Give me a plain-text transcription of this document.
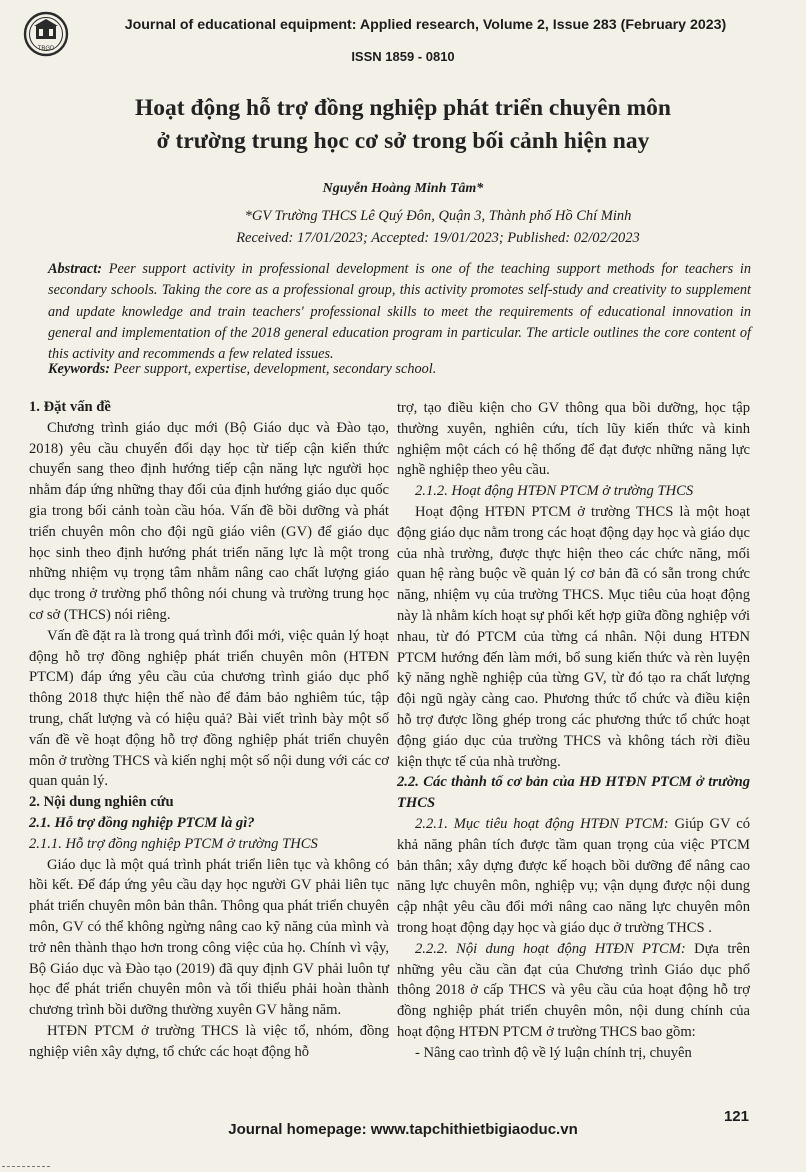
TBGD
Journal of educational equipment: Applied research, Volume 2, Issue 283 (February 2023)
ISSN 1859 - 0810
Hoạt động hỗ trợ đồng nghiệp phát triển chuyên môn
ở trường trung học cơ sở trong bối cảnh hiện nay
Nguyễn Hoàng Minh Tâm*
*GV Trường THCS Lê Quý Đôn, Quận 3, Thành phố Hồ Chí Minh
Received: 17/01/2023; Accepted: 19/01/2023; Published: 02/02/2023

Abstract: Peer support activity in professional development is one of the teaching support methods for teachers in secondary schools. Taking the core as a professional group, this activity promotes self-study and creativity to supplement and update knowledge and train teachers' professional skills to meet the requirements of educational innovation in general and implementation of the 2018 general education program in particular. The article outlines the core content of this activity and recommends a few related issues.

Keywords: Peer support, expertise, development, secondary school.

1. Đặt vấn đề

Chương trình giáo dục mới (Bộ Giáo dục và Đào tạo, 2018) yêu cầu chuyển đổi dạy học từ tiếp cận kiến thức chuyển sang theo định hướng tiếp cận năng lực người học nhằm đáp ứng những thay đổi của định hướng giáo dục quốc gia trong bối cảnh toàn cầu hóa. Vấn đề bồi dưỡng và phát triển chuyên môn cho đội ngũ giáo viên (GV) để giáo dục học sinh theo định hướng phát triển năng lực là một trong những nhiệm vụ trọng tâm nhằm nâng cao chất lượng giáo dục trong ở trường phổ thông nói chung và trường trung học cơ sở (THCS) nói riêng.

Vấn đề đặt ra là trong quá trình đổi mới, việc quản lý hoạt động hỗ trợ đồng nghiệp phát triển chuyên môn (HTĐN PTCM) đáp ứng yêu cầu của chương trình giáo dục phổ thông 2018 thực hiện thế nào để đảm bảo nghiêm túc, tập trung, chất lượng và có hiệu quả? Bài viết trình bày một số vấn đề về hoạt động hỗ trợ đồng nghiệp phát triển chuyên môn ở trường THCS và kiến nghị một số nội dung với các cơ quan quản lý.

2. Nội dung nghiên cứu

2.1. Hỗ trợ đồng nghiệp PTCM là gì?

2.1.1. Hỗ trợ đồng nghiệp PTCM ở trường THCS

Giáo dục là một quá trình phát triển liên tục và không có hồi kết. Để đáp ứng yêu cầu dạy học người GV phải liên tục phát triển chuyên môn bản thân. Thông qua phát triển chuyên môn, GV có thể không ngừng nâng cao kỹ năng của mình và trở nên thành thạo hơn trong công việc của họ. Chính vì vậy, Bộ Giáo dục và Đào tạo (2019) đã quy định GV phải luôn tự học để phát triển chuyên môn và tối thiểu phải hoàn thành chương trình bồi dưỡng thường xuyên GV hằng năm.

HTĐN PTCM ở trường THCS là việc tổ, nhóm, đồng nghiệp viên xây dựng, tổ chức các hoạt động hỗ

trợ, tạo điều kiện cho GV thông qua bồi dưỡng, học tập thường xuyên, nghiên cứu, tích lũy kiến thức và kinh nghiệm một cách có hệ thống để đạt được những năng lực nghề nghiệp theo yêu cầu.

2.1.2. Hoạt động HTĐN PTCM ở trường THCS

Hoạt động HTĐN PTCM ở trường THCS là một hoạt động giáo dục nằm trong các hoạt động dạy học và giáo dục của nhà trường, được thực hiện theo các chức năng, mối quan hệ ràng buộc về quản lý cơ bản đã có sẵn trong chức năng, nhiệm vụ của trường THCS. Mục tiêu của hoạt động này là nhằm kích hoạt sự phối kết hợp giữa đồng nghiệp với nhau, từ đó PTCM của từng cá nhân. Nội dung HTĐN PTCM hướng đến làm mới, bổ sung kiến thức và rèn luyện kỹ năng nghề nghiệp của từng GV, từ đó tạo ra chất lượng đội ngũ ngày càng cao. Phương thức tổ chức và điều kiện hỗ trợ được lồng ghép trong các phương thức tổ chức hoạt động giáo dục của trường THCS và không tách rời điều kiện thực tế của nhà trường.

2.2. Các thành tố cơ bản của HĐ HTĐN PTCM ở trường THCS

2.2.1. Mục tiêu hoạt động HTĐN PTCM: Giúp GV có khả năng phân tích được tầm quan trọng của việc PTCM bản thân; xây dựng được kế hoạch bồi dưỡng để nâng cao năng lực chuyên môn, nghiệp vụ; vận dụng được nội dung cập nhật yêu cầu đổi mới nâng cao năng lực chuyên môn trong hoạt động dạy học và giáo dục ở trường THCS .

2.2.2. Nội dung hoạt động HTĐN PTCM: Dựa trên những yêu cầu cần đạt của Chương trình Giáo dục phổ thông 2018 ở cấp THCS và yêu cầu của hoạt động hỗ trợ đồng nghiệp phát triển chuyên môn, nội dung chính của hoạt động HTĐN PTCM ở trường THCS bao gồm:

- Nâng cao trình độ về lý luận chính trị, chuyên

121
Journal homepage: www.tapchithietbigiaoduc.vn
